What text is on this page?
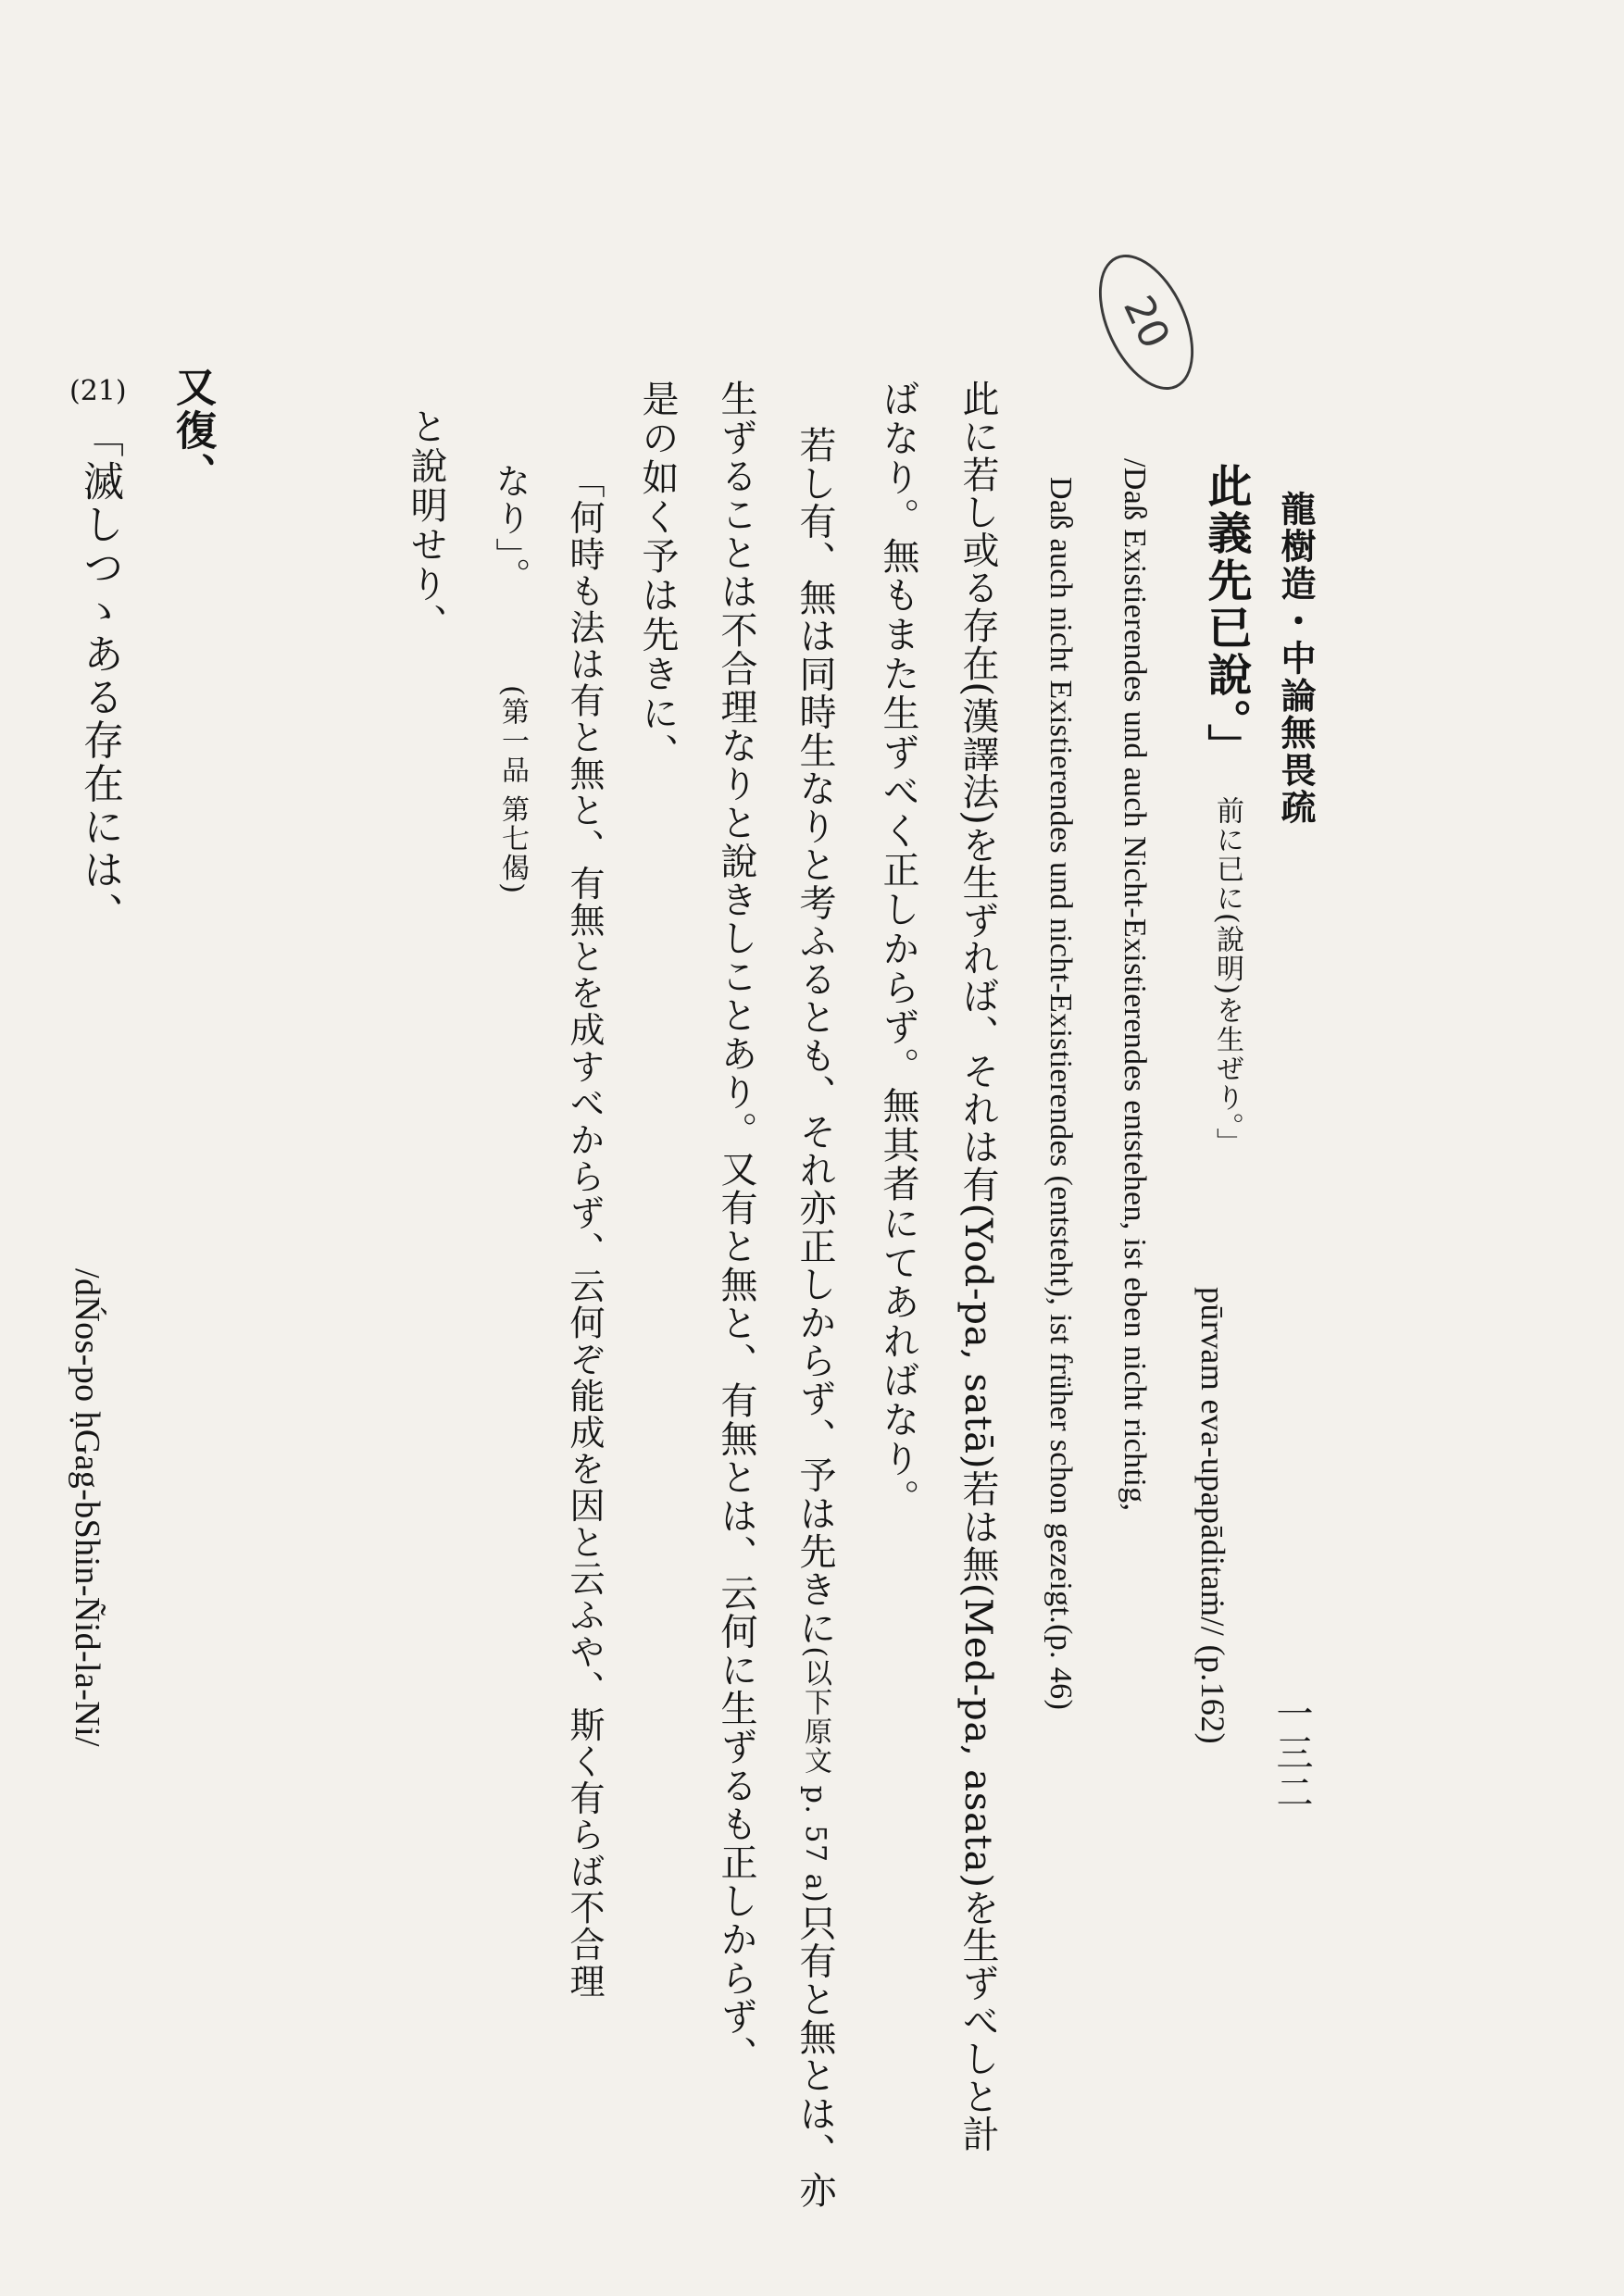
龍樹造・中論無畏疏
一三二
20
此義先已說。」
前に已に(說明)を生ぜり。」
pūrvam eva-upapāditaṁ// (p.162)
/Daß Existierendes und auch Nicht-Existierendes entstehen, ist eben nicht richtig,
Daß auch nicht Existierendes und nicht-Existierendes (entsteht), ist früher schon gezeigt.(p. 46)
此に若し或る存在(漢譯法)を生ずれば、それは有(Yod-pa, satā)若は無(Med-pa, asata)を生ずべしと計
ばなり。無もまた生ずべく正しからず。無其者にてあればなり。
若し有、無は同時生なりと考ふるとも、それ亦正しからず、予は先きに(以下原文 p. 57 a)只有と無とは、亦
生ずることは不合理なりと說きしことあり。又有と無と、有無とは、云何に生ずるも正しからず、
是の如く予は先きに、
「何時も法は有と無と、有無とを成すべからず、云何ぞ能成を因と云ふや、斯く有らば不合理
なり」。
(第一品 第七偈)
と說明せり、
又復、
(21)
「滅しつゝある存在には、
/dŃos-po ḥGag-bShin-Ñid-la-Ni/
